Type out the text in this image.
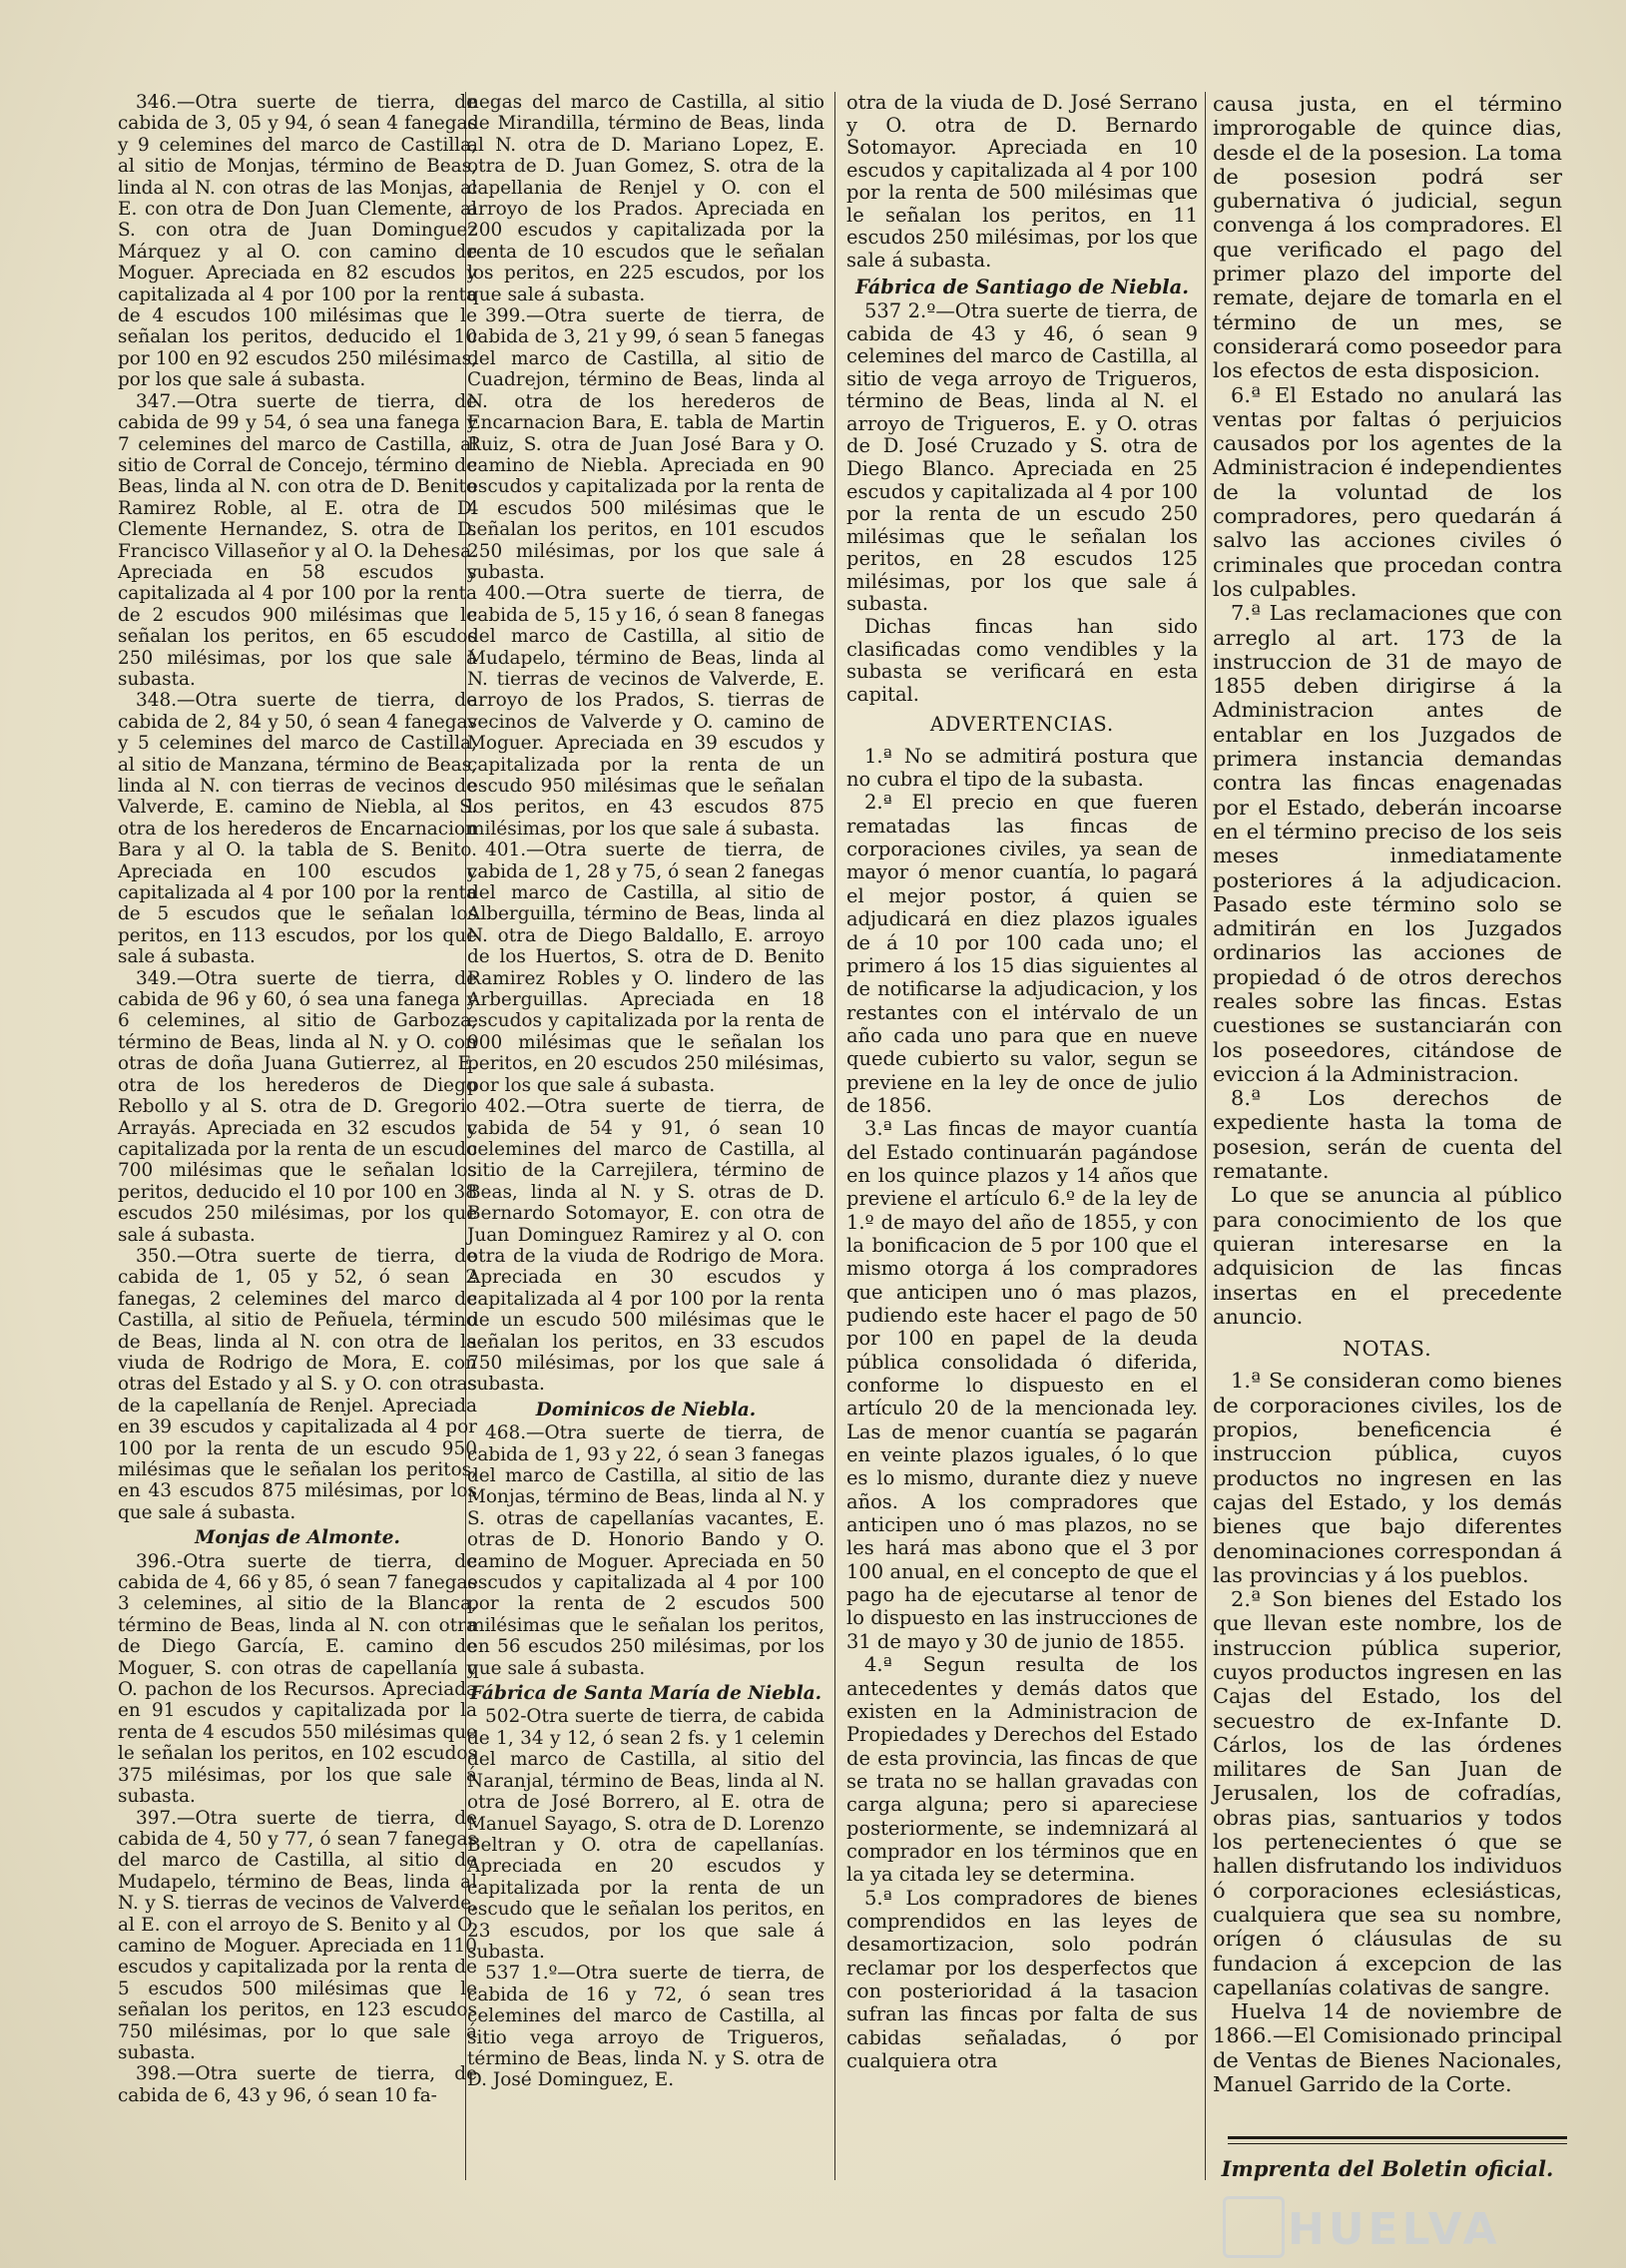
346.—Otra suerte de tierra, de cabida de 3, 05 y 94, ó sean 4 fanegas y 9 celemines del marco de Castilla, al sitio de Monjas, término de Beas, linda al N. con otras de las Monjas, al E. con otra de Don Juan Clemente, al S. con otra de Juan Dominguez Márquez y al O. con camino de Moguer. Apreciada en 82 escudos y capitalizada al 4 por 100 por la renta de 4 escudos 100 milésimas que le señalan los peritos, deducido el 10 por 100 en 92 escudos 250 milésimas, por los que sale á subasta.

347.—Otra suerte de tierra, de cabida de 99 y 54, ó sea una fanega y 7 celemines del marco de Castilla, al sitio de Corral de Concejo, término de Beas, linda al N. con otra de D. Benito Ramirez Roble, al E. otra de D. Clemente Hernandez, S. otra de D. Francisco Villaseñor y al O. la Dehesa. Apreciada en 58 escudos y capitalizada al 4 por 100 por la renta de 2 escudos 900 milésimas que le señalan los peritos, en 65 escudos 250 milésimas, por los que sale á subasta.

348.—Otra suerte de tierra, de cabida de 2, 84 y 50, ó sean 4 fanegas y 5 celemines del marco de Castilla, al sitio de Manzana, término de Beas, linda al N. con tierras de vecinos de Valverde, E. camino de Niebla, al S. otra de los herederos de Encarnacion Bara y al O. la tabla de S. Benito. Apreciada en 100 escudos y capitalizada al 4 por 100 por la renta de 5 escudos que le señalan los peritos, en 113 escudos, por los que sale á subasta.

349.—Otra suerte de tierra, de cabida de 96 y 60, ó sea una fanega y 6 celemines, al sitio de Garboza, término de Beas, linda al N. y O. con otras de doña Juana Gutierrez, al E. otra de los herederos de Diego Rebollo y al S. otra de D. Gregorio Arrayás. Apreciada en 32 escudos y capitalizada por la renta de un escudo 700 milésimas que le señalan los peritos, deducido el 10 por 100 en 38 escudos 250 milésimas, por los que sale á subasta.

350.—Otra suerte de tierra, de cabida de 1, 05 y 52, ó sean 2 fanegas, 2 celemines del marco de Castilla, al sitio de Peñuela, término de Beas, linda al N. con otra de la viuda de Rodrigo de Mora, E. con otras del Estado y al S. y O. con otras de la capellanía de Renjel. Apreciada en 39 escudos y capitalizada al 4 por 100 por la renta de un escudo 950 milésimas que le señalan los peritos, en 43 escudos 875 milésimas, por los que sale á subasta.

Monjas de Almonte.

396.-Otra suerte de tierra, de cabida de 4, 66 y 85, ó sean 7 fanegas 3 celemines, al sitio de la Blanca, término de Beas, linda al N. con otra de Diego García, E. camino de Moguer, S. con otras de capellanía y O. pachon de los Recursos. Apreciada en 91 escudos y capitalizada por la renta de 4 escudos 550 milésimas que le señalan los peritos, en 102 escudos 375 milésimas, por los que sale á subasta.

397.—Otra suerte de tierra, de cabida de 4, 50 y 77, ó sean 7 fanegas del marco de Castilla, al sitio de Mudapelo, término de Beas, linda al N. y S. tierras de vecinos de Valverde, al E. con el arroyo de S. Benito y al O. camino de Moguer. Apreciada en 110 escudos y capitalizada por la renta de 5 escudos 500 milésimas que le señalan los peritos, en 123 escudos 750 milésimas, por lo que sale á subasta.

398.—Otra suerte de tierra, de cabida de 6, 43 y 96, ó sean 10 fa-

negas del marco de Castilla, al sitio de Mirandilla, término de Beas, linda al N. otra de D. Mariano Lopez, E. otra de D. Juan Gomez, S. otra de la capellania de Renjel y O. con el arroyo de los Prados. Apreciada en 200 escudos y capitalizada por la renta de 10 escudos que le señalan los peritos, en 225 escudos, por los que sale á subasta.

399.—Otra suerte de tierra, de cabida de 3, 21 y 99, ó sean 5 fanegas del marco de Castilla, al sitio de Cuadrejon, término de Beas, linda al N. otra de los herederos de Encarnacion Bara, E. tabla de Martin Ruiz, S. otra de Juan José Bara y O. camino de Niebla. Apreciada en 90 escudos y capitalizada por la renta de 4 escudos 500 milésimas que le señalan los peritos, en 101 escudos 250 milésimas, por los que sale á subasta.

400.—Otra suerte de tierra, de cabida de 5, 15 y 16, ó sean 8 fanegas del marco de Castilla, al sitio de Mudapelo, término de Beas, linda al N. tierras de vecinos de Valverde, E. arroyo de los Prados, S. tierras de vecinos de Valverde y O. camino de Moguer. Apreciada en 39 escudos y capitalizada por la renta de un escudo 950 milésimas que le señalan los peritos, en 43 escudos 875 milésimas, por los que sale á subasta.

401.—Otra suerte de tierra, de cabida de 1, 28 y 75, ó sean 2 fanegas del marco de Castilla, al sitio de Alberguilla, término de Beas, linda al N. otra de Diego Baldallo, E. arroyo de los Huertos, S. otra de D. Benito Ramirez Robles y O. lindero de las Arberguillas. Apreciada en 18 escudos y capitalizada por la renta de 900 milésimas que le señalan los peritos, en 20 escudos 250 milésimas, por los que sale á subasta.

402.—Otra suerte de tierra, de cabida de 54 y 91, ó sean 10 celemines del marco de Castilla, al sitio de la Carrejilera, término de Beas, linda al N. y S. otras de D. Bernardo Sotomayor, E. con otra de Juan Dominguez Ramirez y al O. con otra de la viuda de Rodrigo de Mora. Apreciada en 30 escudos y capitalizada al 4 por 100 por la renta de un escudo 500 milésimas que le señalan los peritos, en 33 escudos 750 milésimas, por los que sale á subasta.

Dominicos de Niebla.

468.—Otra suerte de tierra, de cabida de 1, 93 y 22, ó sean 3 fanegas del marco de Castilla, al sitio de las Monjas, término de Beas, linda al N. y S. otras de capellanías vacantes, E. otras de D. Honorio Bando y O. camino de Moguer. Apreciada en 50 escudos y capitalizada al 4 por 100 por la renta de 2 escudos 500 milésimas que le señalan los peritos, en 56 escudos 250 milésimas, por los que sale á subasta.

Fábrica de Santa María de Niebla.

502-Otra suerte de tierra, de cabida de 1, 34 y 12, ó sean 2 fs. y 1 celemin del marco de Castilla, al sitio del Naranjal, término de Beas, linda al N. otra de José Borrero, al E. otra de Manuel Sayago, S. otra de D. Lorenzo Beltran y O. otra de capellanías. Apreciada en 20 escudos y capitalizada por la renta de un escudo que le señalan los peritos, en 23 escudos, por los que sale á subasta.

537 1.º—Otra suerte de tierra, de cabida de 16 y 72, ó sean tres celemines del marco de Castilla, al sitio vega arroyo de Trigueros, término de Beas, linda N. y S. otra de D. José Dominguez, E.

otra de la viuda de D. José Serrano y O. otra de D. Bernardo Sotomayor. Apreciada en 10 escudos y capitalizada al 4 por 100 por la renta de 500 milésimas que le señalan los peritos, en 11 escudos 250 milésimas, por los que sale á subasta.

Fábrica de Santiago de Niebla.

537 2.º—Otra suerte de tierra, de cabida de 43 y 46, ó sean 9 celemines del marco de Castilla, al sitio de vega arroyo de Trigueros, término de Beas, linda al N. el arroyo de Trigueros, E. y O. otras de D. José Cruzado y S. otra de Diego Blanco. Apreciada en 25 escudos y capitalizada al 4 por 100 por la renta de un escudo 250 milésimas que le señalan los peritos, en 28 escudos 125 milésimas, por los que sale á subasta.

Dichas fincas han sido clasificadas como vendibles y la subasta se verificará en esta capital.

ADVERTENCIAS.

1.ª No se admitirá postura que no cubra el tipo de la subasta.

2.ª El precio en que fueren rematadas las fincas de corporaciones civiles, ya sean de mayor ó menor cuantía, lo pagará el mejor postor, á quien se adjudicará en diez plazos iguales de á 10 por 100 cada uno; el primero á los 15 dias siguientes al de notificarse la adjudicacion, y los restantes con el intérvalo de un año cada uno para que en nueve quede cubierto su valor, segun se previene en la ley de once de julio de 1856.

3.ª Las fincas de mayor cuantía del Estado continuarán pagándose en los quince plazos y 14 años que previene el artículo 6.º de la ley de 1.º de mayo del año de 1855, y con la bonificacion de 5 por 100 que el mismo otorga á los compradores que anticipen uno ó mas plazos, pudiendo este hacer el pago de 50 por 100 en papel de la deuda pública consolidada ó diferida, conforme lo dispuesto en el artículo 20 de la mencionada ley. Las de menor cuantía se pagarán en veinte plazos iguales, ó lo que es lo mismo, durante diez y nueve años. A los compradores que anticipen uno ó mas plazos, no se les hará mas abono que el 3 por 100 anual, en el concepto de que el pago ha de ejecutarse al tenor de lo dispuesto en las instrucciones de 31 de mayo y 30 de junio de 1855.

4.ª Segun resulta de los antecedentes y demás datos que existen en la Administracion de Propiedades y Derechos del Estado de esta provincia, las fincas de que se trata no se hallan gravadas con carga alguna; pero si apareciese posteriormente, se indemnizará al comprador en los términos que en la ya citada ley se determina.

5.ª Los compradores de bienes comprendidos en las leyes de desamortizacion, solo podrán reclamar por los desperfectos que con posterioridad á la tasacion sufran las fincas por falta de sus cabidas señaladas, ó por cualquiera otra

causa justa, en el término improrogable de quince dias, desde el de la posesion. La toma de posesion podrá ser gubernativa ó judicial, segun convenga á los compradores. El que verificado el pago del primer plazo del importe del remate, dejare de tomarla en el término de un mes, se considerará como poseedor para los efectos de esta disposicion.

6.ª El Estado no anulará las ventas por faltas ó perjuicios causados por los agentes de la Administracion é independientes de la voluntad de los compradores, pero quedarán á salvo las acciones civiles ó criminales que procedan contra los culpables.

7.ª Las reclamaciones que con arreglo al art. 173 de la instruccion de 31 de mayo de 1855 deben dirigirse á la Administracion antes de entablar en los Juzgados de primera instancia demandas contra las fincas enagenadas por el Estado, deberán incoarse en el término preciso de los seis meses inmediatamente posteriores á la adjudicacion. Pasado este término solo se admitirán en los Juzgados ordinarios las acciones de propiedad ó de otros derechos reales sobre las fincas. Estas cuestiones se sustanciarán con los poseedores, citándose de eviccion á la Administracion.

8.ª Los derechos de expediente hasta la toma de posesion, serán de cuenta del rematante.

Lo que se anuncia al público para conocimiento de los que quieran interesarse en la adquisicion de las fincas insertas en el precedente anuncio.

NOTAS.

1.ª Se consideran como bienes de corporaciones civiles, los de propios, beneficencia é instruccion pública, cuyos productos no ingresen en las cajas del Estado, y los demás bienes que bajo diferentes denominaciones correspondan á las provincias y á los pueblos.

2.ª Son bienes del Estado los que llevan este nombre, los de instruccion pública superior, cuyos productos ingresen en las Cajas del Estado, los del secuestro de ex-Infante D. Cárlos, los de las órdenes militares de San Juan de Jerusalen, los de cofradías, obras pias, santuarios y todos los pertenecientes ó que se hallen disfrutando los individuos ó corporaciones eclesiásticas, cualquiera que sea su nombre, orígen ó cláusulas de su fundacion á excepcion de las capellanías colativas de sangre.

Huelva 14 de noviembre de 1866.—El Comisionado principal de Ventas de Bienes Nacionales, Manuel Garrido de la Corte.

Imprenta del Boletin oficial.
HUELVA
